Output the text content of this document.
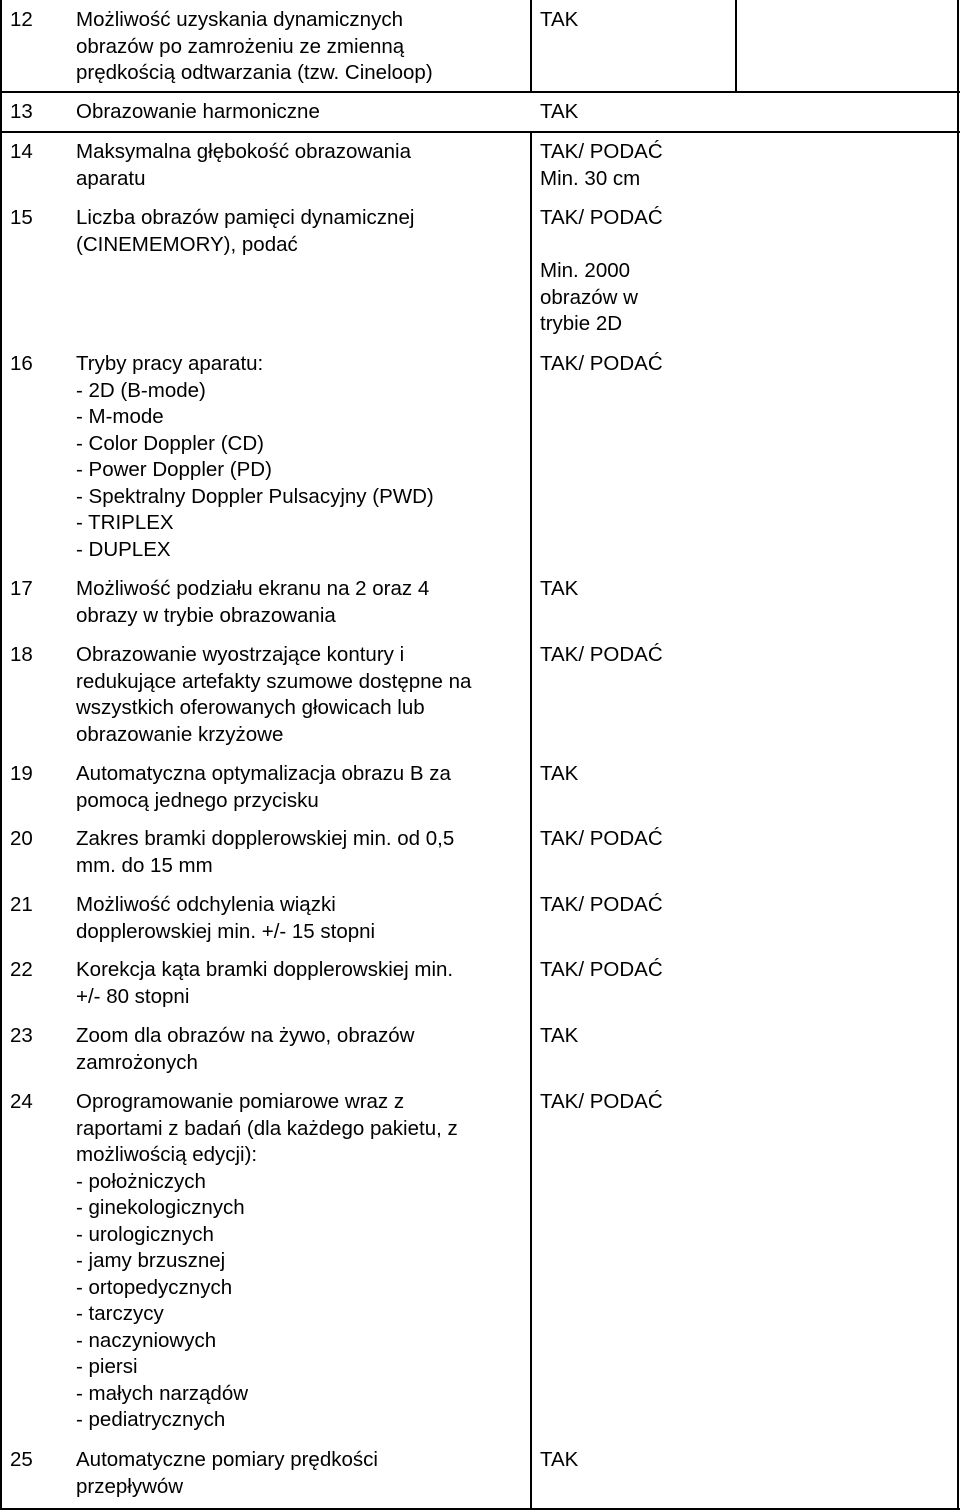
12 Możliwość uzyskania dynamicznych
obrazów po zamrożeniu ze zmienną
prędkością odtwarzania (tzw. Cineloop)
TAK
13 Obrazowanie harmoniczne	TAK
14 Maksymalna głębokość obrazowania
aparatu
TAK/ PODAĆ
Min. 30 cm
15 Liczba obrazów pamięci dynamicznej
(CINEMEMORY), podać
TAK/ PODAĆ
Min. 2000
obrazów w
trybie 2D
16 Tryby pracy aparatu:
- 2D (B-mode)
- M-mode
- Color Doppler (CD)
- Power Doppler (PD)
- Spektralny Doppler Pulsacyjny (PWD)
- TRIPLEX
- DUPLEX
TAK/ PODAĆ
17 Możliwość podziału ekranu na 2 oraz 4
obrazy w trybie obrazowania
TAK
18 Obrazowanie wyostrzające kontury i
redukujące artefakty szumowe dostępne na
wszystkich oferowanych głowicach lub
obrazowanie krzyżowe
TAK/ PODAĆ
19 Automatyczna optymalizacja obrazu B za
pomocą jednego przycisku
TAK
20 Zakres bramki dopplerowskiej min. od 0,5
mm. do 15 mm
TAK/ PODAĆ
21 Możliwość odchylenia wiązki
dopplerowskiej min. +/- 15 stopni
TAK/ PODAĆ
22 Korekcja kąta bramki dopplerowskiej min.
+/- 80 stopni
TAK/ PODAĆ
23 Zoom dla obrazów na żywo, obrazów
zamrożonych
TAK
24 Oprogramowanie pomiarowe wraz z
raportami z badań (dla każdego pakietu, z
możliwością edycji):
- położniczych
- ginekologicznych
- urologicznych
- jamy brzusznej
- ortopedycznych
- tarczycy
- naczyniowych
- piersi
- małych narządów
- pediatrycznych
TAK/ PODAĆ
25 Automatyczne pomiary prędkości
przepływów
TAK
